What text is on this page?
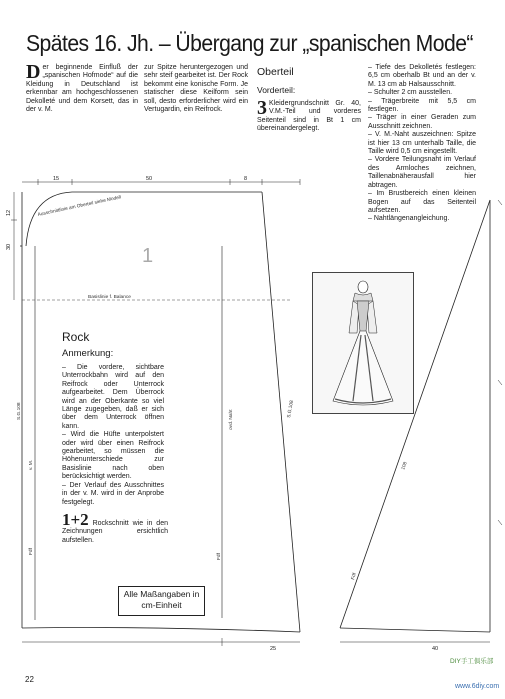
Spätes 16. Jh. – Übergang zur „spanischen Mode“
D er beginnende Einfluß der „spanischen Hofmode“ auf die Kleidung in Deutschland ist erkennbar am hochgeschlossenen Dekolleté und dem Korsett, das in der v. M.
zur Spitze heruntergezogen und sehr steif gearbeitet ist. Der Rock bekommt eine konische Form. Je statischer diese Keilform sein soll, desto erforderlicher wird ein Vertugardin, ein Reifrock.
Oberteil
Vorderteil:
3 Kleidergrundschnitt Gr. 40, V.M.-Teil und vorderes Seitenteil sind in Bt 1 cm übereinandergelegt.

– Tiefe des Dekolletés festlegen: 6,5 cm oberhalb Bt und an der v. M. 13 cm ab Halsausschnitt.

– Schulter 2 cm ausstellen.

– Trägerbreite mit 5,5 cm festlegen.

– Träger in einer Geraden zum Ausschnitt zeichnen.

– V. M.-Naht auszeichnen: Spitze ist hier 13 cm unterhalb Taille, die Taille wird 0,5 cm eingestellt.

– Vordere Teilungsnaht im Verlauf des Armloches zeichnen, Taillenabnäherausfall hier abtragen.

– Im Brustbereich einen kleinen Bogen auf das Seitenteil aufsetzen.

– Nahtlängenangleichung.

15	50	8
12
30
25	40
1
Basislinie f. Balance
S.G.108
v. M.
Fdf
ovd. Naht
Fdf
S.G.108
108
Fdf
Ausschnittlinie am Oberteil siehe Modell
Rock
Anmerkung:

– Die vordere, sichtbare Unterrockbahn wird auf den Reifrock oder Unterrock aufgearbeitet. Dem Überrock wird an der Oberkante so viel Länge zugegeben, daß er sich über dem Unterrock öffnen kann.

– Wird die Hüfte unterpolstert oder wird über einen Reifrock gearbeitet, so müssen die Höhenunterschiede zur Basislinie nach oben berücksichtigt werden.

– Der Verlauf des Ausschnittes in der v. M. wird in der Anprobe festgelegt.

1+2 Rockschnitt wie in den Zeichnungen ersichtlich aufstellen.
Alle Maßangaben in cm-Einheit
22
DIY手工俱乐部
www.6diy.com
